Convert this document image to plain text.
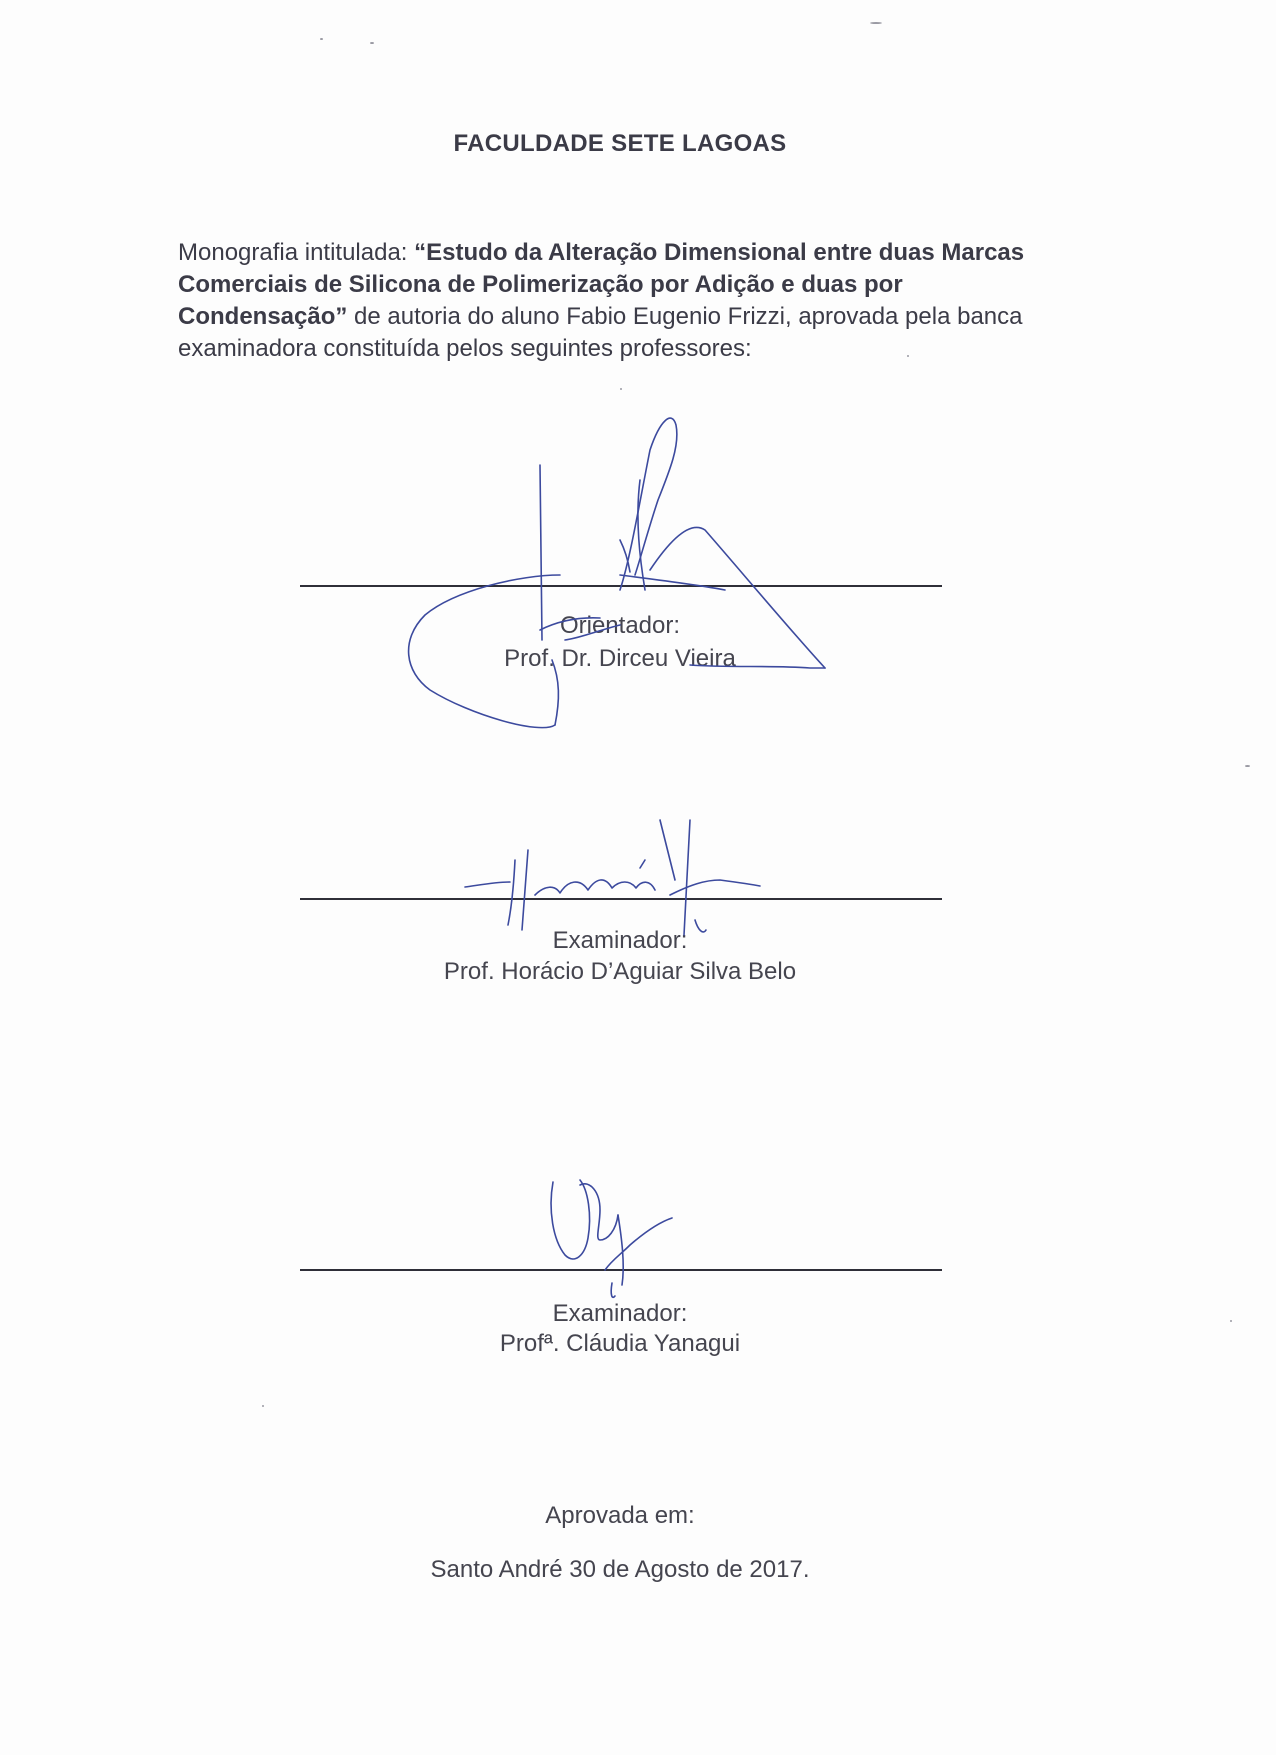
FACULDADE SETE LAGOAS
Monografia intitulada: “Estudo da Alteração Dimensional entre duas Marcas Comerciais de Silicona de Polimerização por Adição e duas por Condensação” de autoria do aluno Fabio Eugenio Frizzi, aprovada pela banca examinadora constituída pelos seguintes professores:
Orientador:
Prof. Dr. Dirceu Vieira
Examinador:
Prof. Horácio D’Aguiar Silva Belo
Examinador:
Profª. Cláudia Yanagui
Aprovada em:
Santo André 30 de Agosto de 2017.
